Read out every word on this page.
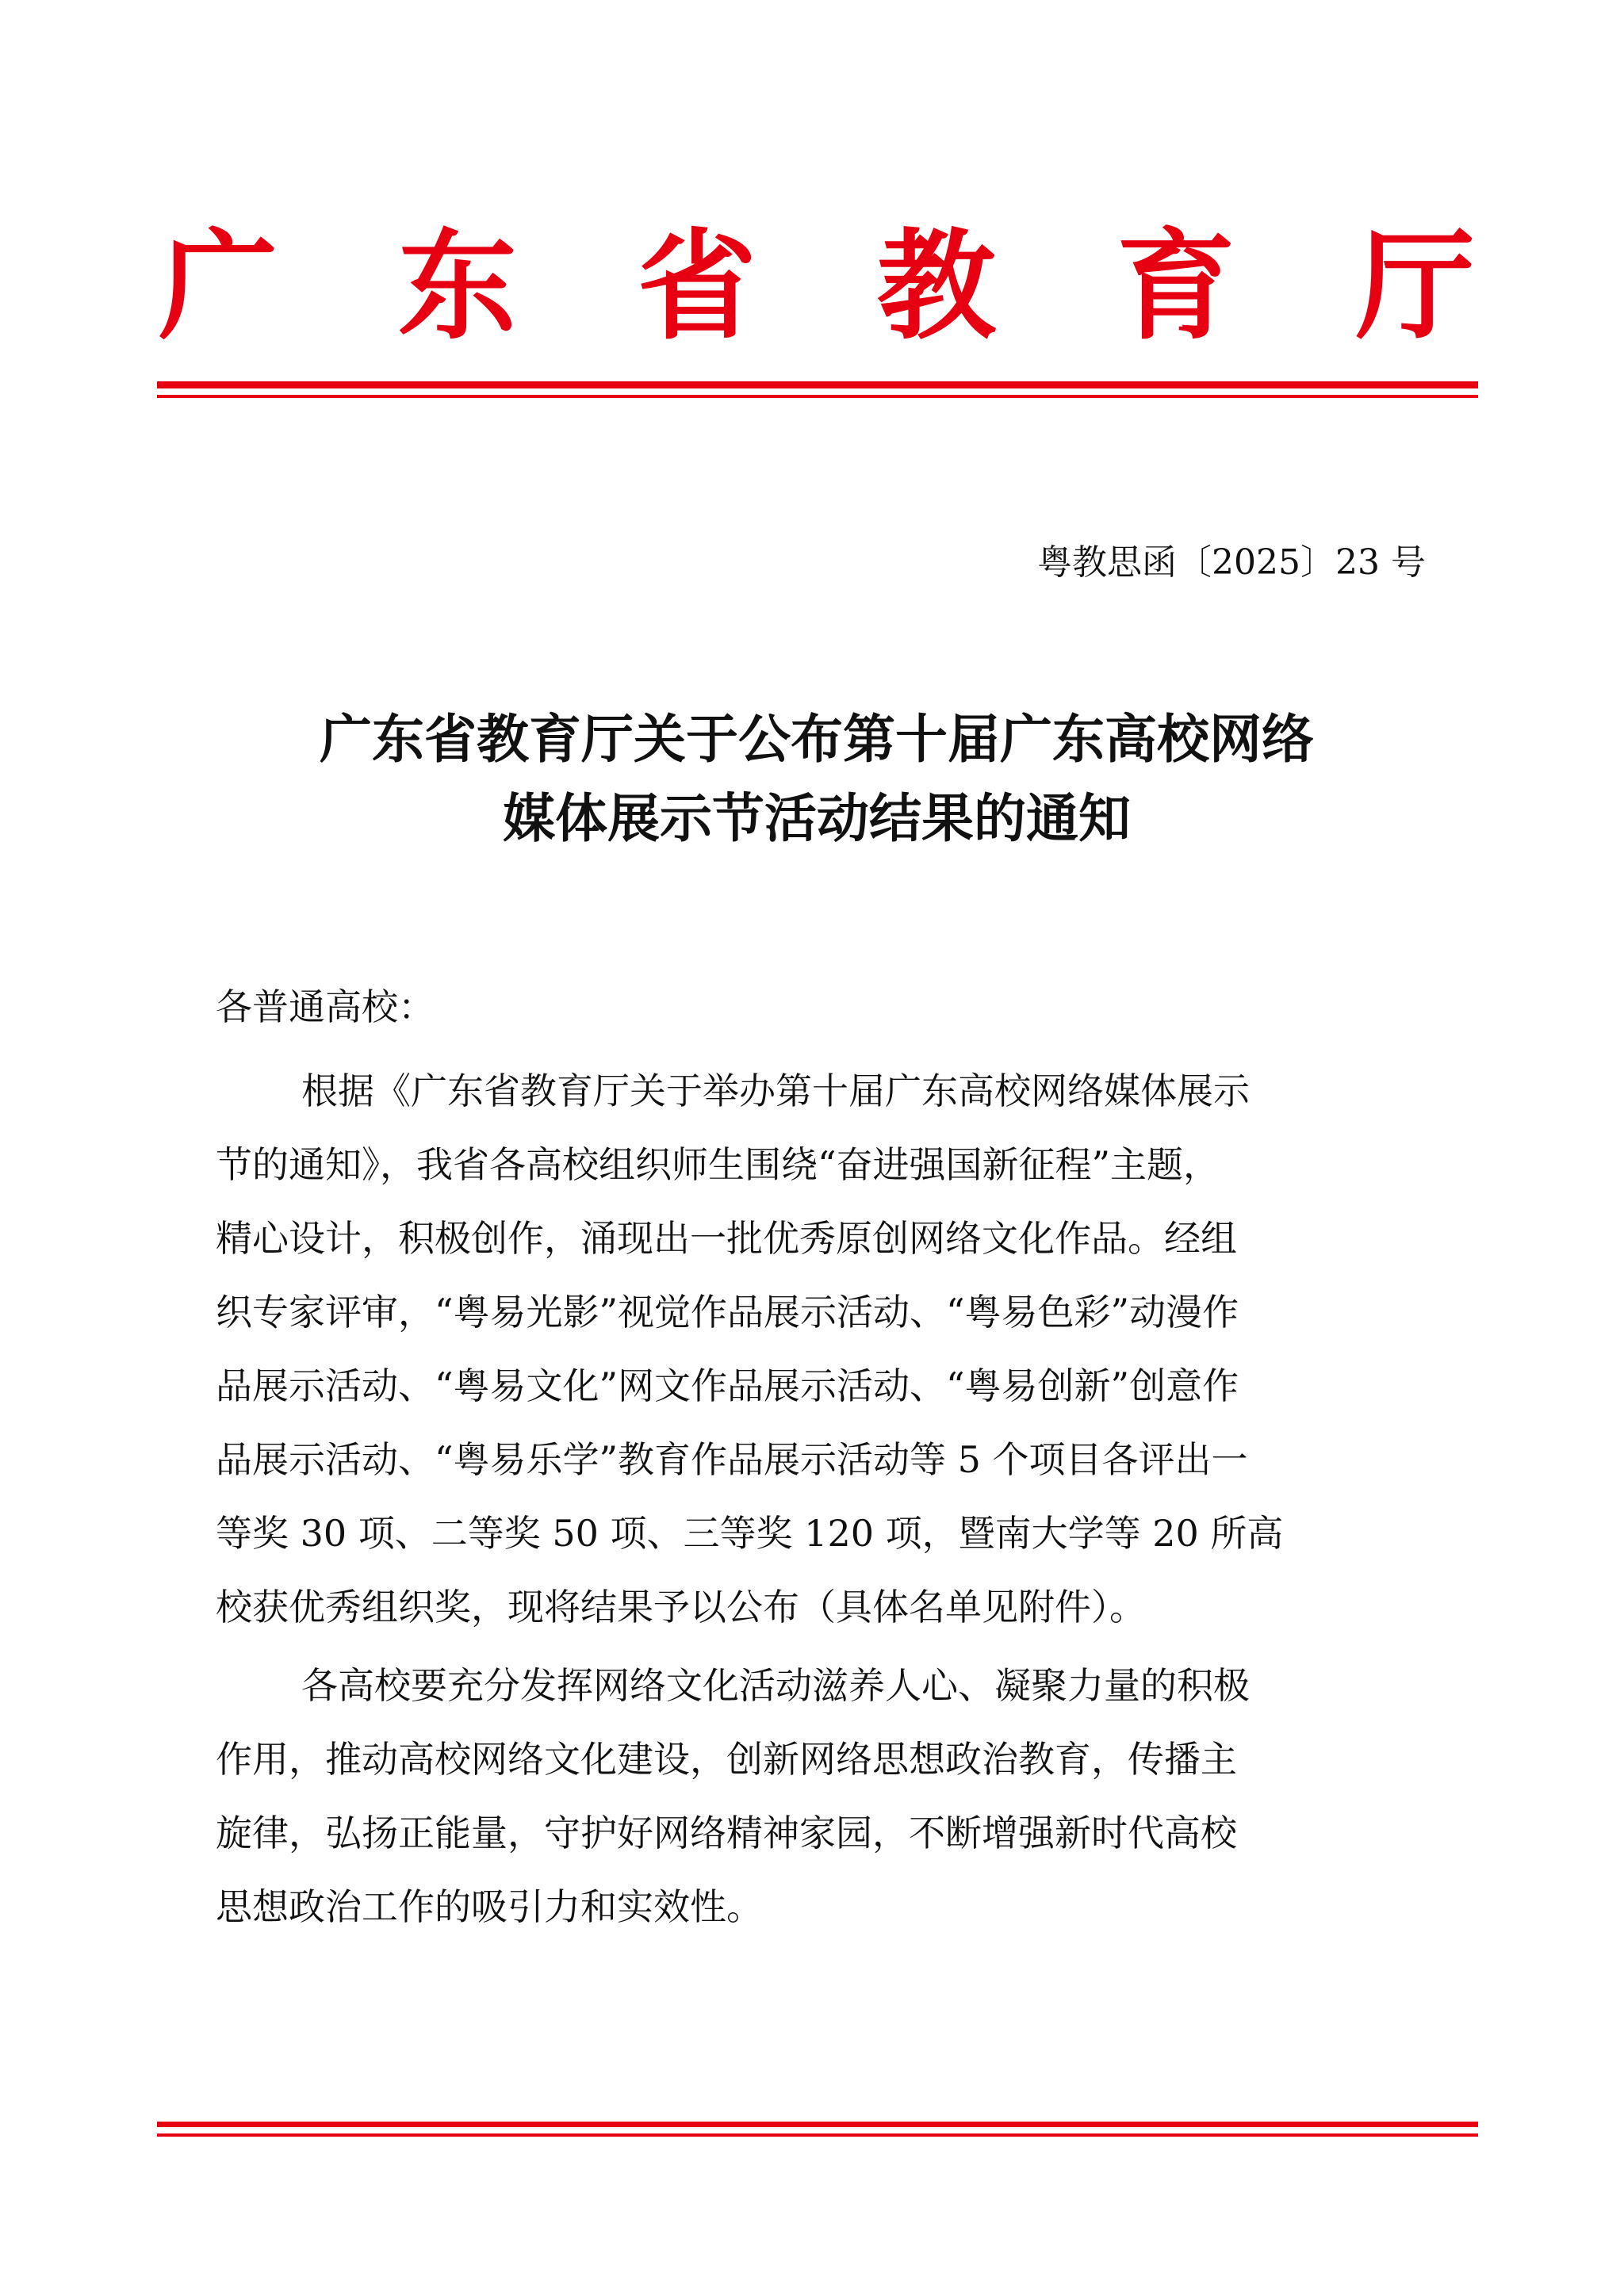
广 东 省 教 育 厅
粤教思函〔2025〕23 号
广东省教育厅关于公布第十届广东高校网络
媒体展示节活动结果的通知
各普通高校：
根据《广东省教育厅关于举办第十届广东高校网络媒体展示
节的通知》，我省各高校组织师生围绕“奋进强国新征程”主题，
精心设计，积极创作，涌现出一批优秀原创网络文化作品。经组
织专家评审，“粤易光影”视觉作品展示活动、“粤易色彩”动漫作
品展示活动、“粤易文化”网文作品展示活动、“粤易创新”创意作
品展示活动、“粤易乐学”教育作品展示活动等 5 个项目各评出一
等奖 30 项、二等奖 50 项、三等奖 120 项，暨南大学等 20 所高
校获优秀组织奖，现将结果予以公布（具体名单见附件）。
各高校要充分发挥网络文化活动滋养人心、凝聚力量的积极
作用，推动高校网络文化建设，创新网络思想政治教育，传播主
旋律，弘扬正能量，守护好网络精神家园，不断增强新时代高校
思想政治工作的吸引力和实效性。
